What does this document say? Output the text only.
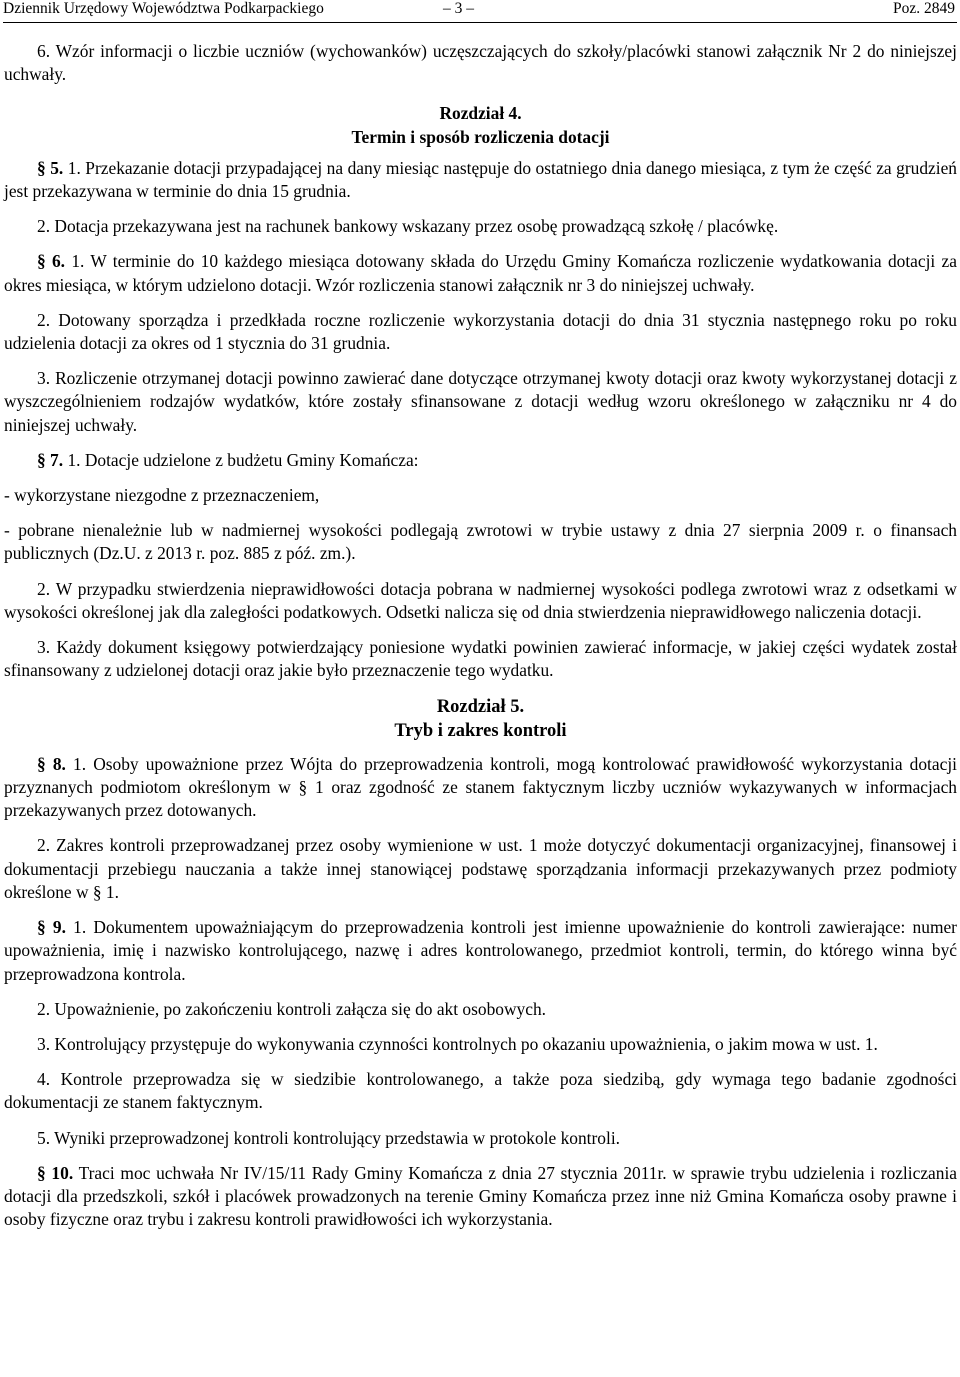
Dziennik Urzędowy Województwa Podkarpackiego	– 3 –	Poz. 2849

6. Wzór informacji o liczbie uczniów (wychowanków) uczęszczających do szkoły/placówki stanowi załącznik Nr 2 do niniejszej uchwały.

Rozdział 4.

Termin i sposób rozliczenia dotacji

§ 5. 1. Przekazanie dotacji przypadającej na dany miesiąc następuje do ostatniego dnia danego miesiąca, z tym że część za grudzień jest przekazywana w terminie do dnia 15 grudnia.

2. Dotacja przekazywana jest na rachunek bankowy wskazany przez osobę prowadzącą szkołę / placówkę.

§ 6. 1. W terminie do 10 każdego miesiąca dotowany składa do Urzędu Gminy Komańcza rozliczenie wydatkowania dotacji za okres miesiąca, w którym udzielono dotacji. Wzór rozliczenia stanowi załącznik nr 3 do niniejszej uchwały.

2. Dotowany sporządza i przedkłada roczne rozliczenie wykorzystania dotacji do dnia 31 stycznia następnego roku po roku udzielenia dotacji za okres od 1 stycznia do 31 grudnia.

3. Rozliczenie otrzymanej dotacji powinno zawierać dane dotyczące otrzymanej kwoty dotacji oraz kwoty wykorzystanej dotacji z wyszczególnieniem rodzajów wydatków, które zostały sfinansowane z dotacji według wzoru określonego w załączniku nr 4 do niniejszej uchwały.

§ 7. 1. Dotacje udzielone z budżetu Gminy Komańcza:

- wykorzystane niezgodne z przeznaczeniem,

- pobrane nienależnie lub w nadmiernej wysokości podlegają zwrotowi w trybie ustawy z dnia 27 sierpnia 2009 r. o finansach publicznych (Dz.U. z 2013 r. poz. 885 z póź. zm.).

2. W przypadku stwierdzenia nieprawidłowości dotacja pobrana w nadmiernej wysokości podlega zwrotowi wraz z odsetkami w wysokości określonej jak dla zaległości podatkowych. Odsetki nalicza się od dnia stwierdzenia nieprawidłowego naliczenia dotacji.

3. Każdy dokument księgowy potwierdzający poniesione wydatki powinien zawierać informacje, w jakiej części wydatek został sfinansowany z udzielonej dotacji oraz jakie było przeznaczenie tego wydatku.

Rozdział 5.

Tryb i zakres kontroli

§ 8. 1. Osoby upoważnione przez Wójta do przeprowadzenia kontroli, mogą kontrolować prawidłowość wykorzystania dotacji przyznanych podmiotom określonym w § 1 oraz zgodność ze stanem faktycznym liczby uczniów wykazywanych w informacjach przekazywanych przez dotowanych.

2. Zakres kontroli przeprowadzanej przez osoby wymienione w ust. 1 może dotyczyć dokumentacji organizacyjnej, finansowej i dokumentacji przebiegu nauczania a także innej stanowiącej podstawę sporządzania informacji przekazywanych przez podmioty określone w § 1.

§ 9. 1. Dokumentem upoważniającym do przeprowadzenia kontroli jest imienne upoważnienie do kontroli zawierające: numer upoważnienia, imię i nazwisko kontrolującego, nazwę i adres kontrolowanego, przedmiot kontroli, termin, do którego winna być przeprowadzona kontrola.

2. Upoważnienie, po zakończeniu kontroli załącza się do akt osobowych.

3. Kontrolujący przystępuje do wykonywania czynności kontrolnych po okazaniu upoważnienia, o jakim mowa w ust. 1.

4. Kontrole przeprowadza się w siedzibie kontrolowanego, a także poza siedzibą, gdy wymaga tego badanie zgodności dokumentacji ze stanem faktycznym.

5. Wyniki przeprowadzonej kontroli kontrolujący przedstawia w protokole kontroli.

§ 10. Traci moc uchwała Nr IV/15/11 Rady Gminy Komańcza z dnia 27 stycznia 2011r. w sprawie trybu udzielenia i rozliczania dotacji dla przedszkoli, szkół i placówek prowadzonych na terenie Gminy Komańcza przez inne niż Gmina Komańcza osoby prawne i osoby fizyczne oraz trybu i zakresu kontroli prawidłowości ich wykorzystania.
